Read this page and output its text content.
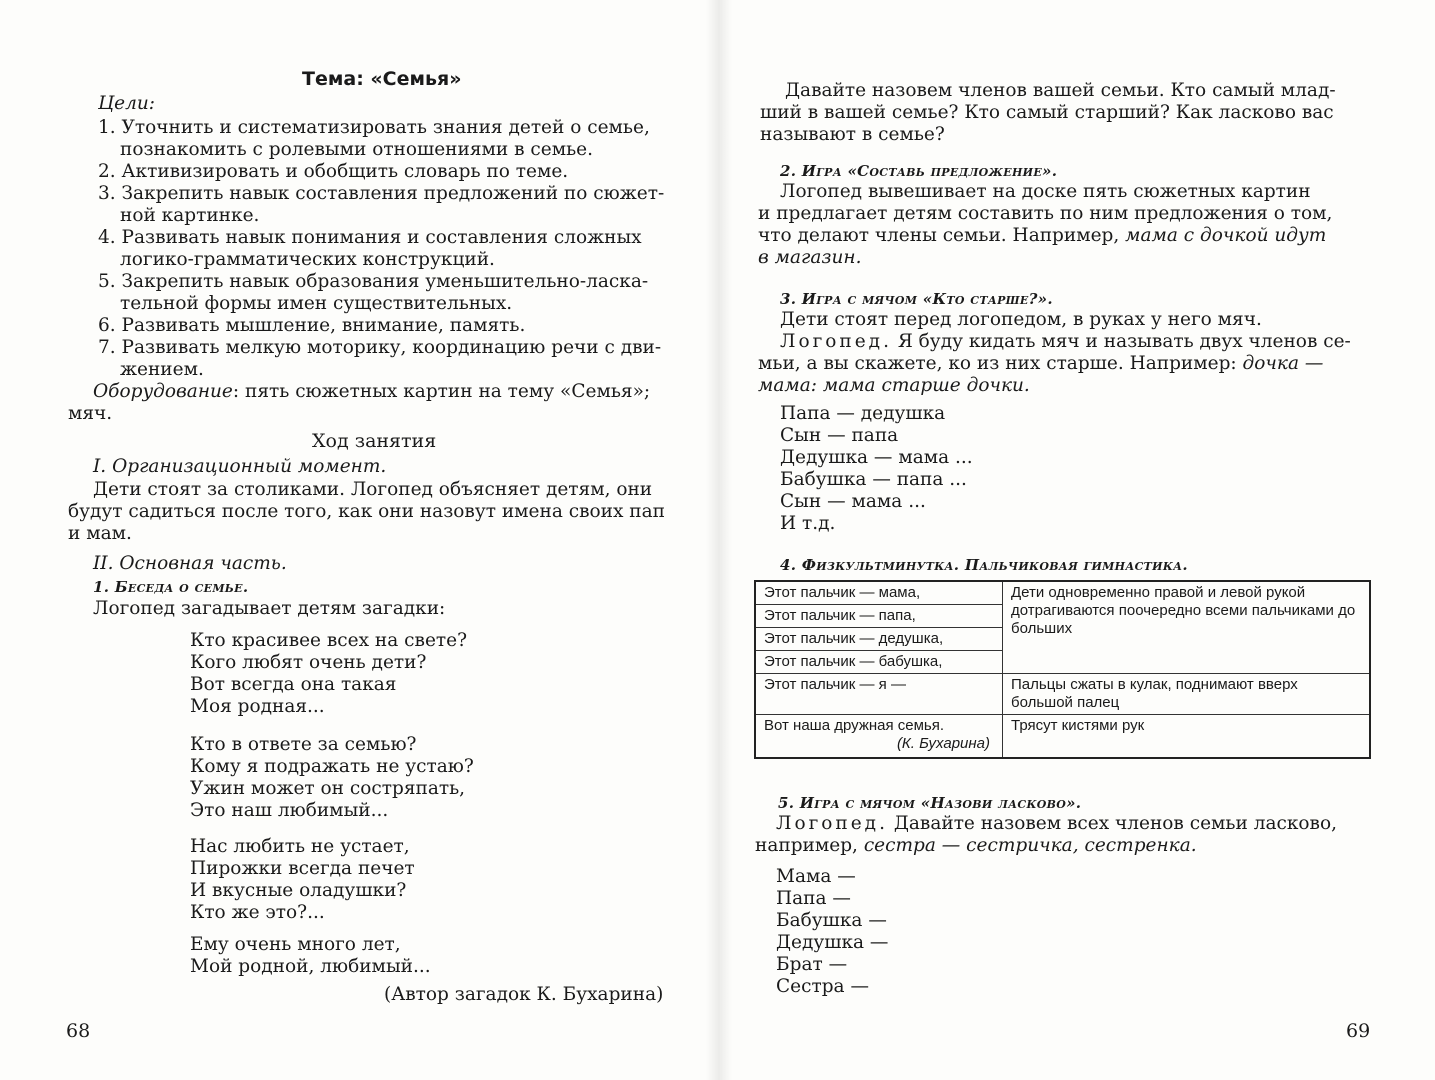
Тема: «Семья»
Цели:
1. Уточнить и систематизировать знания детей о семье,
познакомить с ролевыми отношениями в семье.
2. Активизировать и обобщить словарь по теме.
3. Закрепить навык составления предложений по сюжет-
ной картинке.
4. Развивать навык понимания и составления сложных
логико-грамматических конструкций.
5. Закрепить навык образования уменьшительно-ласка-
тельной формы имен существительных.
6. Развивать мышление, внимание, память.
7. Развивать мелкую моторику, координацию речи с дви-
жением.
Оборудование: пять сюжетных картин на тему «Семья»;
мяч.
Ход занятия
I. Организационный момент.
Дети стоят за столиками. Логопед объясняет детям, они
будут садиться после того, как они назовут имена своих пап
и мам.
II. Основная часть.
1. Беседа о семье.
Логопед загадывает детям загадки:
Кто красивее всех на свете?
Кого любят очень дети?
Вот всегда она такая
Моя родная...
Кто в ответе за семью?
Кому я подражать не устаю?
Ужин может он состряпать,
Это наш любимый...
Нас любить не устает,
Пирожки всегда печет
И вкусные оладушки?
Кто же это?...
Ему очень много лет,
Мой родной, любимый...
(Автор загадок К. Бухарина)
68
Давайте назовем членов вашей семьи. Кто самый млад-
ший в вашей семье? Кто самый старший? Как ласково вас
называют в семье?
2. Игра «Составь предложение».
Логопед вывешивает на доске пять сюжетных картин
и предлагает детям составить по ним предложения о том,
что делают члены семьи. Например, мама с дочкой идут
в магазин.
3. Игра с мячом «Кто старше?».
Дети стоят перед логопедом, в руках у него мяч.
Логопед. Я буду кидать мяч и называть двух членов се-
мьи, а вы скажете, ко из них старше. Например: дочка —
мама: мама старше дочки.
Папа — дедушка
Сын — папа
Дедушка — мама ...
Бабушка — папа ...
Сын — мама ...
И т.д.
4. Физкультминутка. Пальчиковая гимнастика.
Этот пальчик — мама,	Дети одновременно правой и левой рукой дотрагиваются поочередно всеми пальчиками до больших
Этот пальчик — папа,	
Этот пальчик — дедушка,	
Этот пальчик — бабушка,	
Этот пальчик — я —	Пальцы сжаты в кулак, поднимают вверх большой палец

Вот наша дружная семья.
(К. Бухарина)	Трясут кистями рук
5. Игра с мячом «Назови ласково».
Логопед. Давайте назовем всех членов семьи ласково,
например, сестра — сестричка, сестренка.
Мама —
Папа —
Бабушка —
Дедушка —
Брат —
Сестра —
69
